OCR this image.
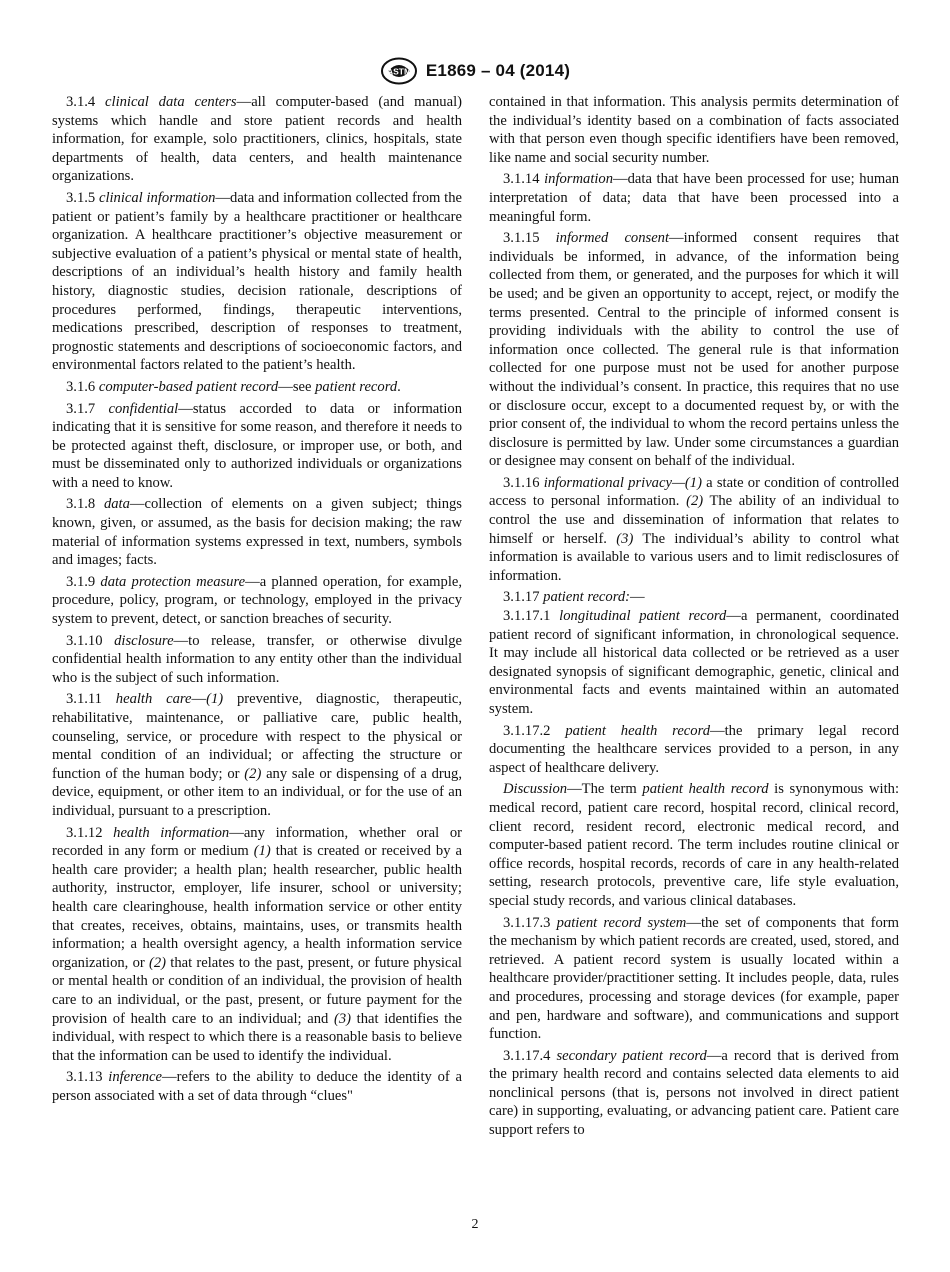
ASTM E1869 – 04 (2014)

3.1.4 clinical data centers—all computer-based (and manual) systems which handle and store patient records and health information, for example, solo practitioners, clinics, hospitals, state departments of health, data centers, and health maintenance organizations.

3.1.5 clinical information—data and information collected from the patient or patient’s family by a healthcare practitioner or healthcare organization. A healthcare practitioner’s objective measurement or subjective evaluation of a patient’s physical or mental state of health, descriptions of an individual’s health history and family health history, diagnostic studies, decision rationale, descriptions of procedures performed, findings, therapeutic interventions, medications prescribed, description of responses to treatment, prognostic statements and descriptions of socioeconomic factors, and environmental factors related to the patient’s health.

3.1.6 computer-based patient record—see patient record.

3.1.7 confidential—status accorded to data or information indicating that it is sensitive for some reason, and therefore it needs to be protected against theft, disclosure, or improper use, or both, and must be disseminated only to authorized individuals or organizations with a need to know.

3.1.8 data—collection of elements on a given subject; things known, given, or assumed, as the basis for decision making; the raw material of information systems expressed in text, numbers, symbols and images; facts.

3.1.9 data protection measure—a planned operation, for example, procedure, policy, program, or technology, employed in the privacy system to prevent, detect, or sanction breaches of security.

3.1.10 disclosure—to release, transfer, or otherwise divulge confidential health information to any entity other than the individual who is the subject of such information.

3.1.11 health care—(1) preventive, diagnostic, therapeutic, rehabilitative, maintenance, or palliative care, public health, counseling, service, or procedure with respect to the physical or mental condition of an individual; or affecting the structure or function of the human body; or (2) any sale or dispensing of a drug, device, equipment, or other item to an individual, or for the use of an individual, pursuant to a prescription.

3.1.12 health information—any information, whether oral or recorded in any form or medium (1) that is created or received by a health care provider; a health plan; health researcher, public health authority, instructor, employer, life insurer, school or university; health care clearinghouse, health information service or other entity that creates, receives, obtains, maintains, uses, or transmits health information; a health oversight agency, a health information service organization, or (2) that relates to the past, present, or future physical or mental health or condition of an individual, the provision of health care to an individual, or the past, present, or future payment for the provision of health care to an individual; and (3) that identifies the individual, with respect to which there is a reasonable basis to believe that the information can be used to identify the individual.

3.1.13 inference—refers to the ability to deduce the identity of a person associated with a set of data through “clues"

contained in that information. This analysis permits determination of the individual’s identity based on a combination of facts associated with that person even though specific identifiers have been removed, like name and social security number.

3.1.14 information—data that have been processed for use; human interpretation of data; data that have been processed into a meaningful form.

3.1.15 informed consent—informed consent requires that individuals be informed, in advance, of the information being collected from them, or generated, and the purposes for which it will be used; and be given an opportunity to accept, reject, or modify the terms presented. Central to the principle of informed consent is providing individuals with the ability to control the use of information once collected. The general rule is that information collected for one purpose must not be used for another purpose without the individual’s consent. In practice, this requires that no use or disclosure occur, except to a documented request by, or with the prior consent of, the individual to whom the record pertains unless the disclosure is permitted by law. Under some circumstances a guardian or designee may consent on behalf of the individual.

3.1.16 informational privacy—(1) a state or condition of controlled access to personal information. (2) The ability of an individual to control the use and dissemination of information that relates to himself or herself. (3) The individual’s ability to control what information is available to various users and to limit redisclosures of information.

3.1.17 patient record:—

3.1.17.1 longitudinal patient record—a permanent, coordinated patient record of significant information, in chronological sequence. It may include all historical data collected or be retrieved as a user designated synopsis of significant demographic, genetic, clinical and environmental facts and events maintained within an automated system.

3.1.17.2 patient health record—the primary legal record documenting the healthcare services provided to a person, in any aspect of healthcare delivery.

Discussion—The term patient health record is synonymous with: medical record, patient care record, hospital record, clinical record, client record, resident record, electronic medical record, and computer-based patient record. The term includes routine clinical or office records, hospital records, records of care in any health-related setting, research protocols, preventive care, life style evaluation, special study records, and various clinical databases.

3.1.17.3 patient record system—the set of components that form the mechanism by which patient records are created, used, stored, and retrieved. A patient record system is usually located within a healthcare provider/practitioner setting. It includes people, data, rules and procedures, processing and storage devices (for example, paper and pen, hardware and software), and communications and support function.

3.1.17.4 secondary patient record—a record that is derived from the primary health record and contains selected data elements to aid nonclinical persons (that is, persons not involved in direct patient care) in supporting, evaluating, or advancing patient care. Patient care support refers to

2
